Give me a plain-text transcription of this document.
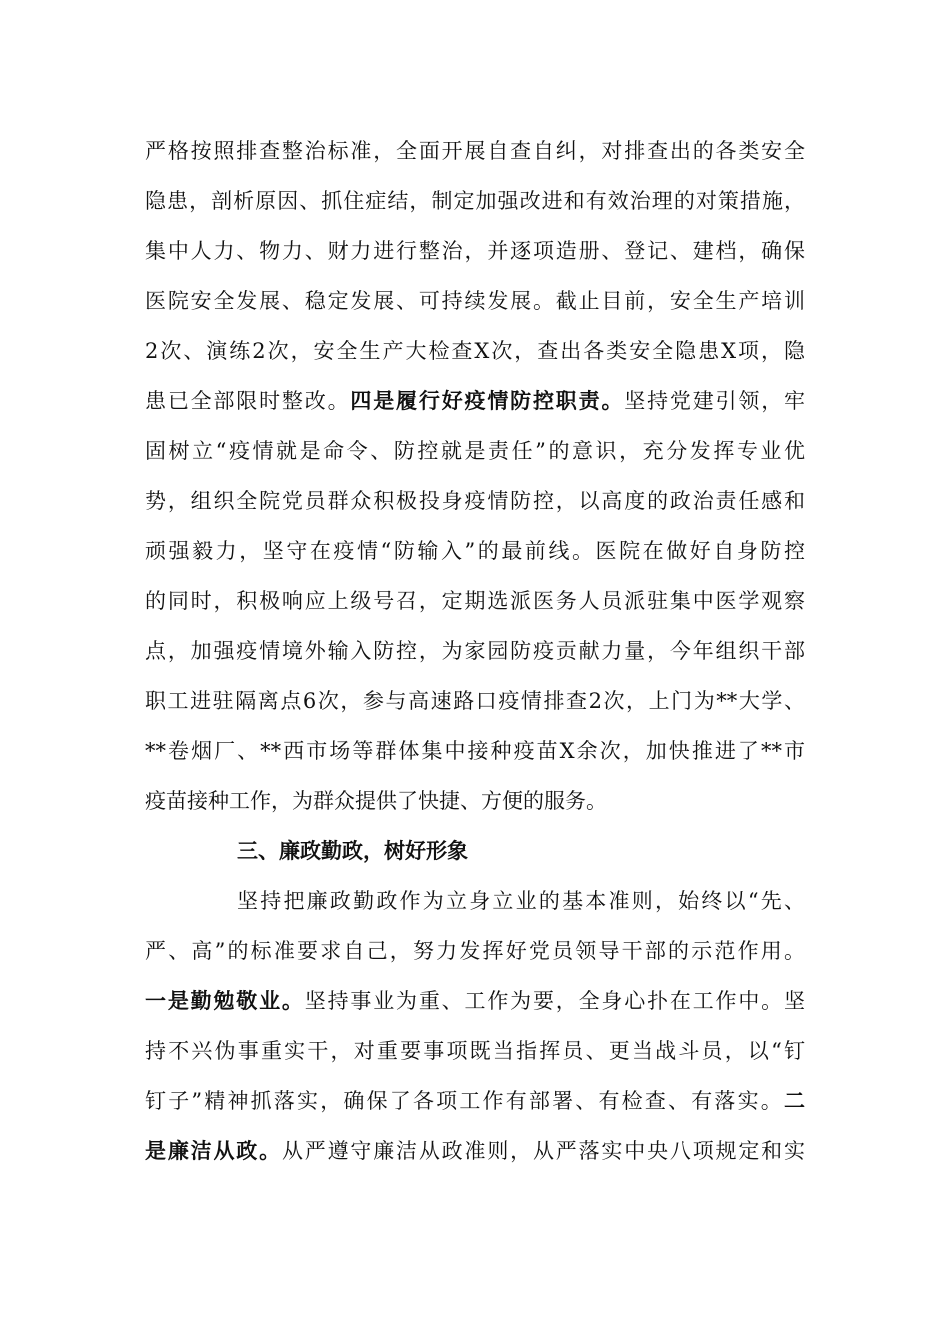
严格按照排查整治标准，全面开展自查自纠，对排查出的各类安全
隐患，剖析原因、抓住症结，制定加强改进和有效治理的对策措施，
集中人力、物力、财力进行整治，并逐项造册、登记、建档，确保
医院安全发展、稳定发展、可持续发展。截止目前，安全生产培训
2次、演练2次，安全生产大检查X次，查出各类安全隐患X项，隐
患已全部限时整改。四是履行好疫情防控职责。坚持党建引领，牢
固树立“疫情就是命令、防控就是责任”的意识，充分发挥专业优
势，组织全院党员群众积极投身疫情防控，以高度的政治责任感和
顽强毅力，坚守在疫情“防输入”的最前线。医院在做好自身防控
的同时，积极响应上级号召，定期选派医务人员派驻集中医学观察
点，加强疫情境外输入防控，为家园防疫贡献力量，今年组织干部
职工进驻隔离点6次，参与高速路口疫情排查2次，上门为**大学、
**卷烟厂、**西市场等群体集中接种疫苗X余次，加快推进了**市
疫苗接种工作，为群众提供了快捷、方便的服务。
三、廉政勤政，树好形象
坚持把廉政勤政作为立身立业的基本准则，始终以“先、
严、高”的标准要求自己，努力发挥好党员领导干部的示范作用。
一是勤勉敬业。坚持事业为重、工作为要，全身心扑在工作中。坚
持不兴伪事重实干，对重要事项既当指挥员、更当战斗员，以“钉
钉子”精神抓落实，确保了各项工作有部署、有检查、有落实。二
是廉洁从政。从严遵守廉洁从政准则，从严落实中央八项规定和实
